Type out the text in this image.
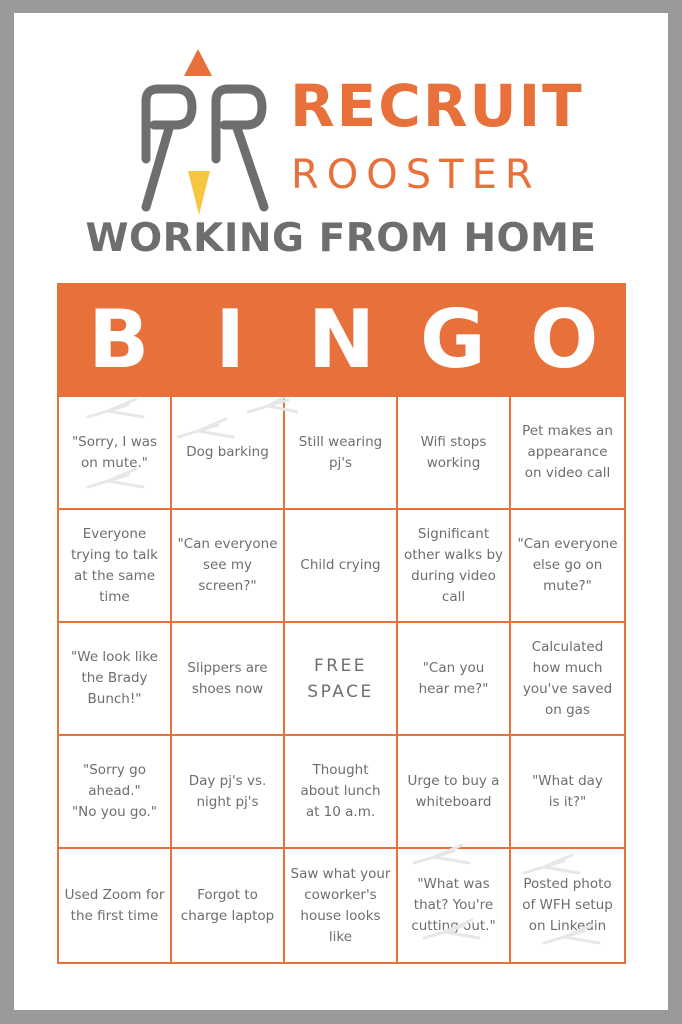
RECRUIT
ROOSTER
WORKING FROM HOME
B I N G O
"Sorry, I was
on mute."
Dog barking
Still wearing
pj's
Wifi stops
working
Pet makes an
appearance
on video call
Everyone
trying to talk
at the same
time
"Can everyone
see my
screen?"
Child crying
Significant
other walks by
during video
call
"Can everyone
else go on
mute?"
"We look like
the Brady
Bunch!"
Slippers are
shoes now
FREE
SPACE
"Can you
hear me?"
Calculated
how much
you've saved
on gas
"Sorry go
ahead."
"No you go."
Day pj's vs.
night pj's
Thought
about lunch
at 10 a.m.
Urge to buy a
whiteboard
"What day
is it?"
Used Zoom for
the first time
Forgot to
charge laptop
Saw what your
coworker's
house looks
like
"What was
that? You're
cutting out."
Posted photo
of WFH setup
on Linkedin
